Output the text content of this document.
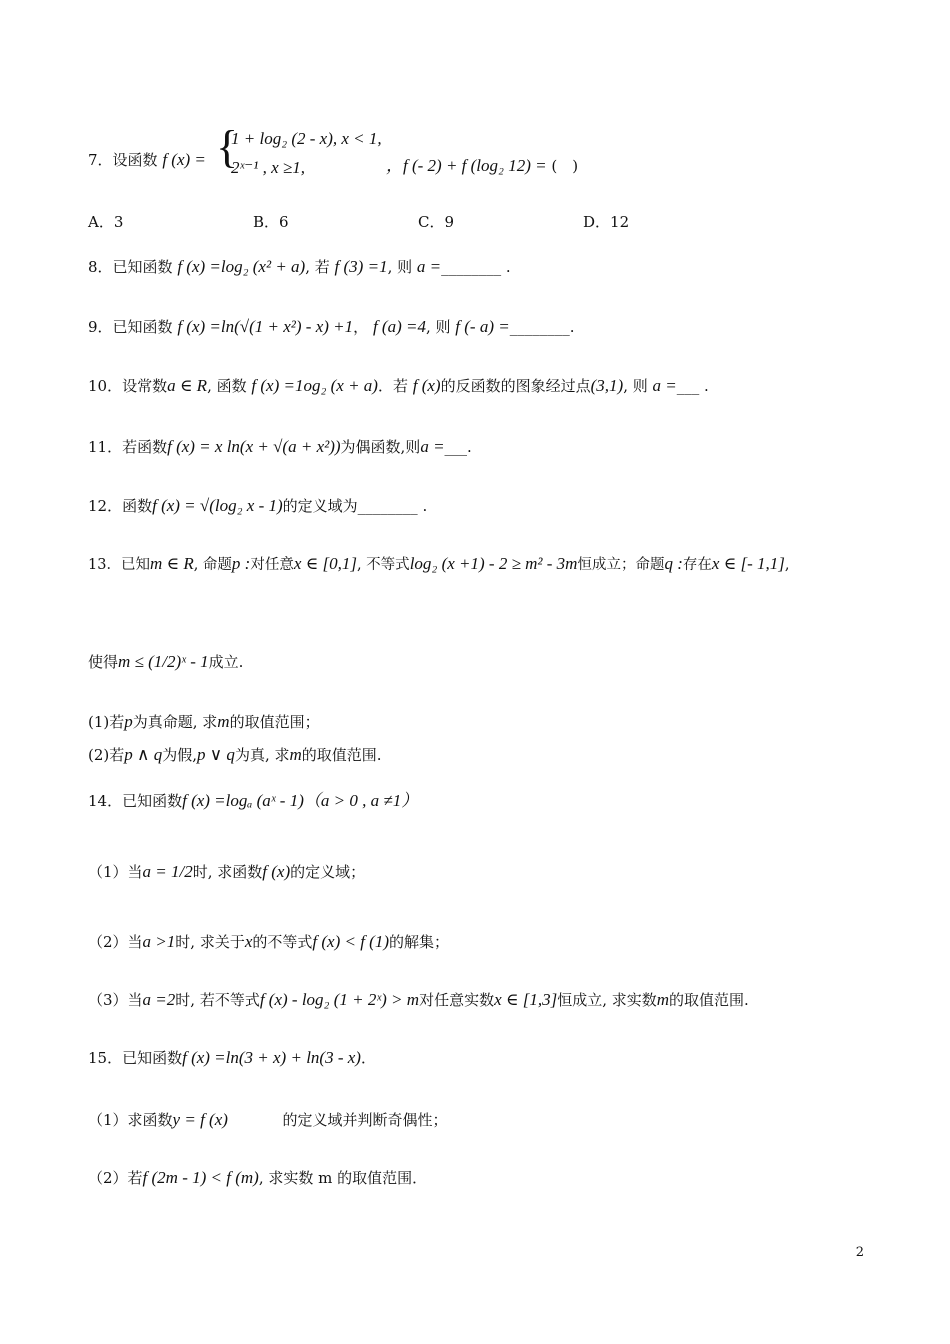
7．设函数 f (x) = {
1 + log₂ (2 - x), x < 1,
2ˣ⁻¹ , x ≥1,	，f (- 2) + f (log₂ 12) = (　)
A．3	B．6	C．9	D．12
8．已知函数 f (x) =log₂ (x² + a), 若 f (3) =1, 则 a =________ .
9．已知函数 f (x) =ln(√(1 + x²) - x) +1， f (a) =4, 则 f (- a) =________.
10．设常数a ∈ R, 函数 f (x) =1og₂ (x + a)．若 f (x)的反函数的图象经过点(3,1), 则 a =___ .
11．若函数f (x) = x ln(x + √(a + x²))为偶函数,则a =___.
12．函数f (x) = √(log₂ x - 1)的定义域为________ .
13．已知m ∈ R, 命题p :对任意x ∈ [0,1], 不等式log₂ (x +1) - 2 ≥ m² - 3m恒成立；命题q :存在x ∈ [- 1,1],
使得m ≤ (1/2)ˣ - 1成立.
(1)若p为真命题, 求m的取值范围；
(2)若p ∧ q为假,p ∨ q为真, 求m的取值范围.
14．已知函数f (x) =logₐ (aˣ - 1)（a > 0 , a ≠1）
（1）当a = 1/2时, 求函数f (x)的定义域；
（2）当a >1时, 求关于x的不等式f (x) < f (1)的解集；
（3）当a =2时, 若不等式f (x) - log₂ (1 + 2ˣ) > m对任意实数x ∈ [1,3]恒成立, 求实数m的取值范围.
15．已知函数f (x) =ln(3 + x) + ln(3 - x)．
（1）求函数y = f (x)	的定义域并判断奇偶性；
（2）若f (2m - 1) < f (m), 求实数 m 的取值范围．
2
